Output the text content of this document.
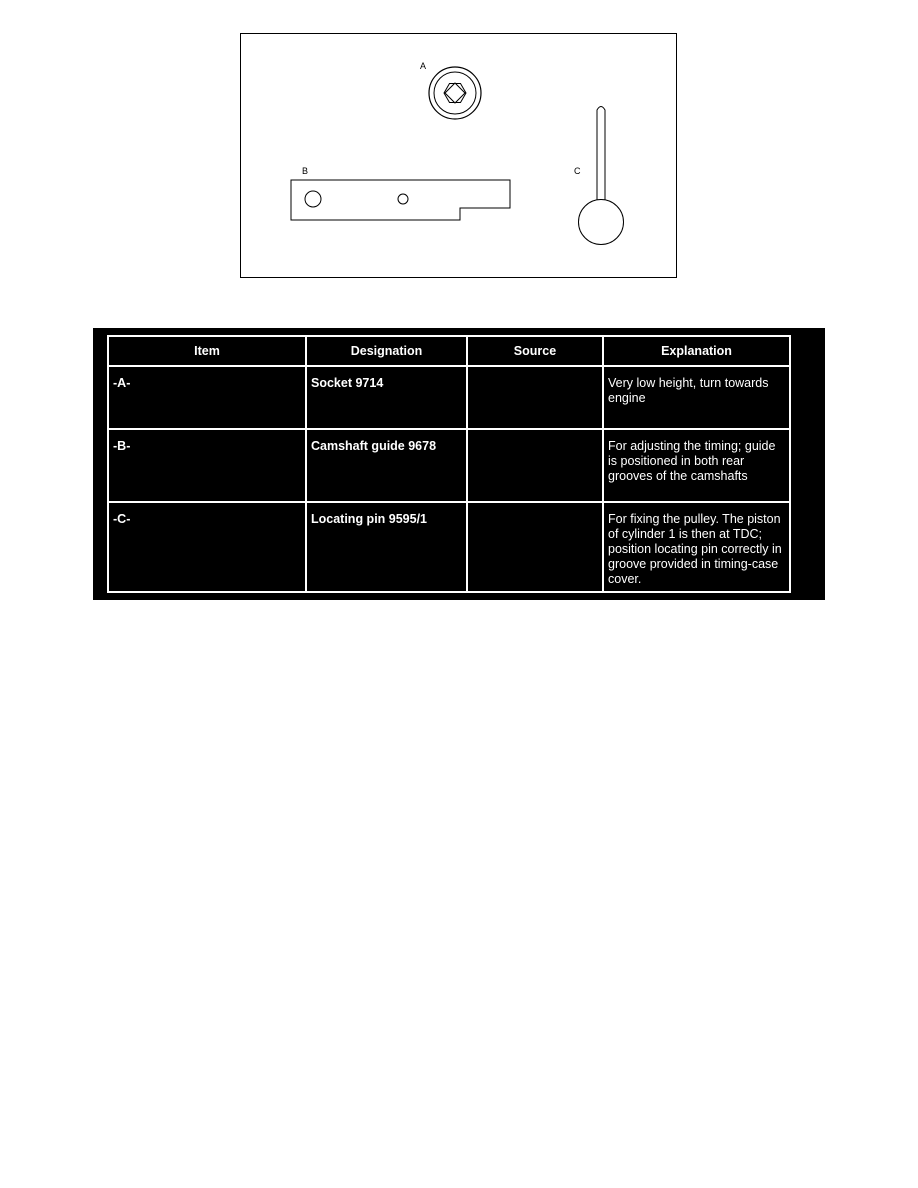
A
B	C
Item	Designation	Source	Explanation
-A-	Socket 9714		Very low height, turn towards engine
-B-	Camshaft guide 9678		For adjusting the timing; guide is positioned in both rear grooves of the camshafts
-C-	Locating pin 9595/1		For fixing the pulley. The piston of cylinder 1 is then at TDC; position locating pin correctly in groove provided in timing-case cover.
